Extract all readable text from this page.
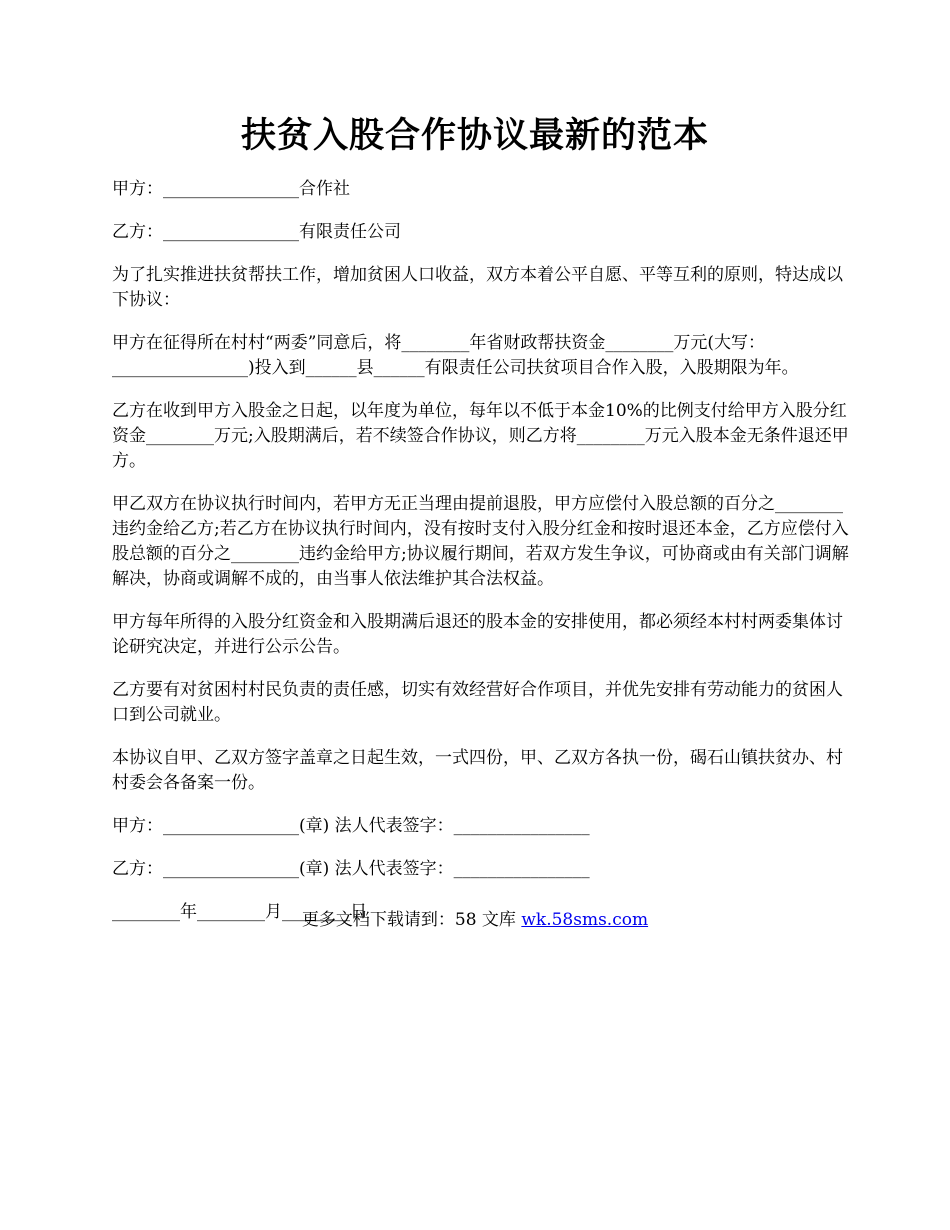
扶贫入股合作协议最新的范本

甲方：________________合作社

乙方：________________有限责任公司

为了扎实推进扶贫帮扶工作，增加贫困人口收益，双方本着公平自愿、平等互利的原则，特达成以下协议：

甲方在征得所在村村“两委”同意后，将________年省财政帮扶资金________万元(大写：________________)投入到______县______有限责任公司扶贫项目合作入股，入股期限为年。

乙方在收到甲方入股金之日起，以年度为单位，每年以不低于本金10%的比例支付给甲方入股分红资金________万元;入股期满后，若不续签合作协议，则乙方将________万元入股本金无条件退还甲方。

甲乙双方在协议执行时间内，若甲方无正当理由提前退股，甲方应偿付入股总额的百分之________违约金给乙方;若乙方在协议执行时间内，没有按时支付入股分红金和按时退还本金，乙方应偿付入股总额的百分之________违约金给甲方;协议履行期间，若双方发生争议，可协商或由有关部门调解解决，协商或调解不成的，由当事人依法维护其合法权益。

甲方每年所得的入股分红资金和入股期满后退还的股本金的安排使用，都必须经本村村两委集体讨论研究决定，并进行公示公告。

乙方要有对贫困村村民负责的责任感，切实有效经营好合作项目，并优先安排有劳动能力的贫困人口到公司就业。

本协议自甲、乙双方签字盖章之日起生效，一式四份，甲、乙双方各执一份，碣石山镇扶贫办、村村委会各备案一份。

甲方：________________(章) 法人代表签字：________________

乙方：________________(章) 法人代表签字：________________

________年________月________日

更多文档下载请到：58 文库 wk.58sms.com
